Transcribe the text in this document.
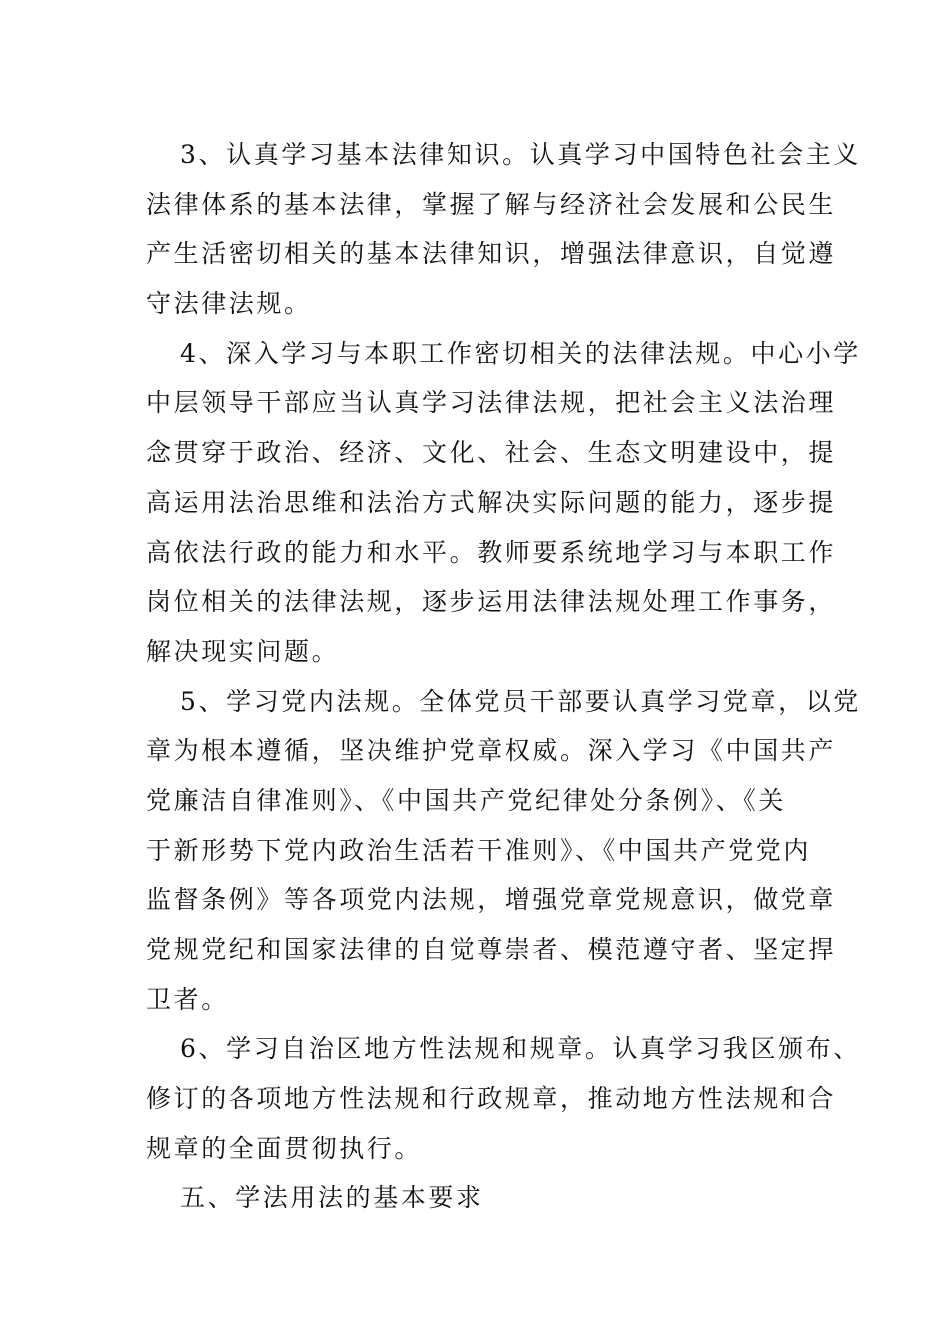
3、认真学习基本法律知识。认真学习中国特色社会主义
法律体系的基本法律，掌握了解与经济社会发展和公民生
产生活密切相关的基本法律知识，增强法律意识，自觉遵
守法律法规。
4、深入学习与本职工作密切相关的法律法规。中心小学
中层领导干部应当认真学习法律法规，把社会主义法治理
念贯穿于政治、经济、文化、社会、生态文明建设中，提
高运用法治思维和法治方式解决实际问题的能力，逐步提
高依法行政的能力和水平。教师要系统地学习与本职工作
岗位相关的法律法规，逐步运用法律法规处理工作事务，
解决现实问题。
5、学习党内法规。全体党员干部要认真学习党章，以党
章为根本遵循，坚决维护党章权威。深入学习《中国共产
党廉洁自律准则》、《中国共产党纪律处分条例》、《关
于新形势下党内政治生活若干准则》、《中国共产党党内
监督条例》等各项党内法规，增强党章党规意识，做党章
党规党纪和国家法律的自觉尊崇者、模范遵守者、坚定捍
卫者。
6、学习自治区地方性法规和规章。认真学习我区颁布、
修订的各项地方性法规和行政规章，推动地方性法规和合
规章的全面贯彻执行。
五、学法用法的基本要求
